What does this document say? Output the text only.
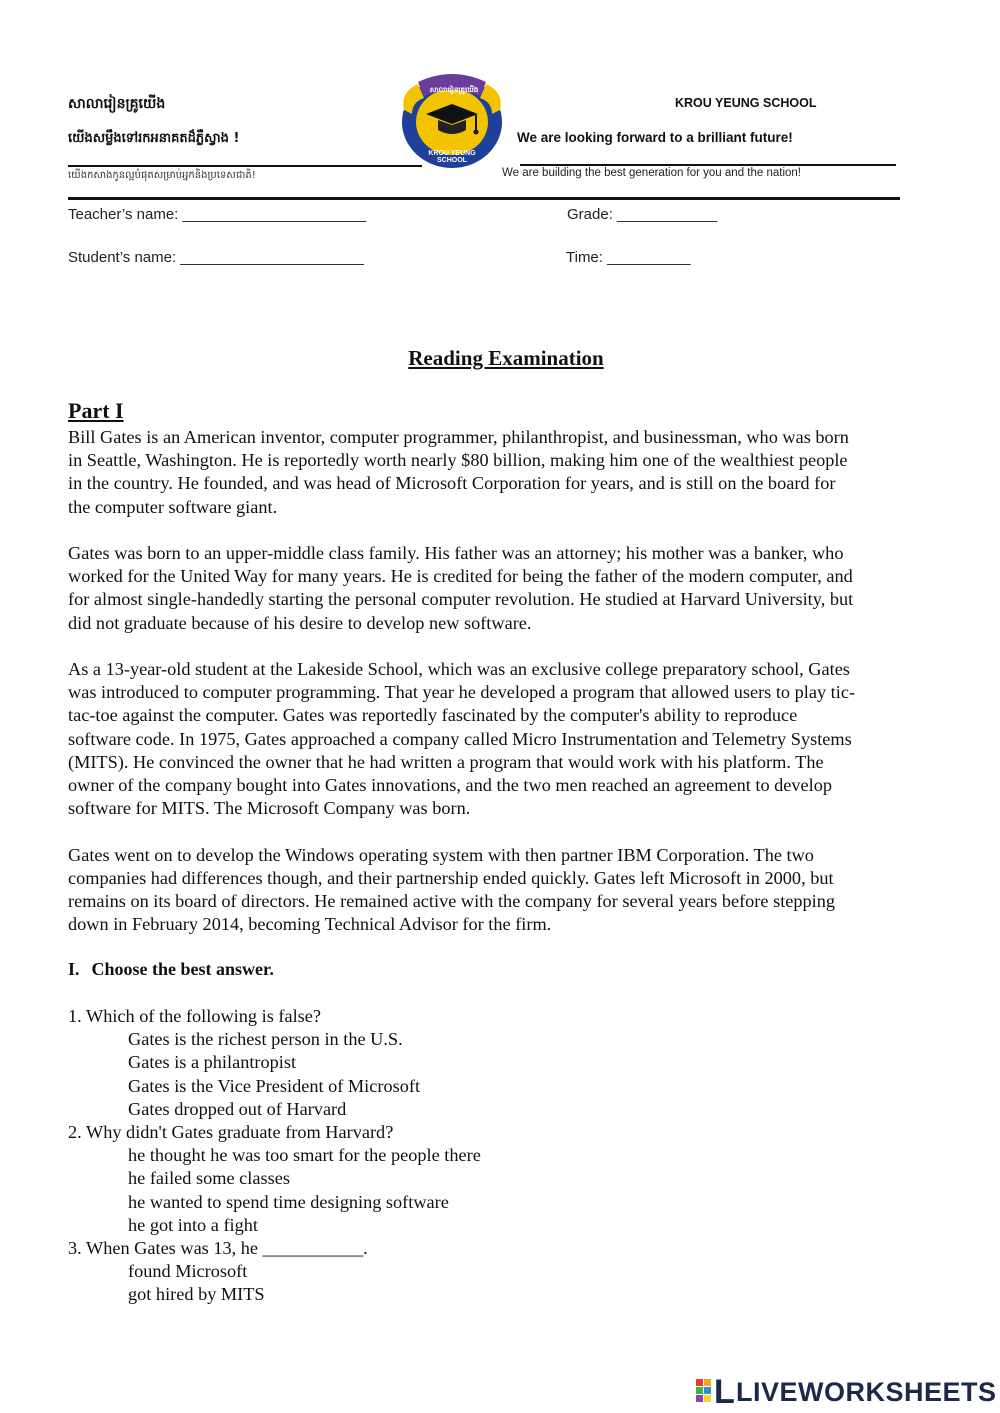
សាលារៀនគ្រូយើង
យើងសម្លឹងទៅរកអនាគតដ៏ភ្លឺស្វាង !
យើងកសាងកូនល្អបំផុតសម្រាប់អ្នកនិងប្រទេសជាតិ!
សាលារៀនគ្រូយើង
KROU YEUNG SCHOOL
KROU YEUNG SCHOOL
We are looking forward to a brilliant future!
We are building the best generation for you and the nation!
Teacher’s name: ______________________	Grade: ____________
Student’s name: ______________________	Time: __________
Reading Examination
Part I
Bill Gates is an American inventor, computer programmer, philanthropist, and businessman, who was born
in Seattle, Washington. He is reportedly worth nearly $80 billion, making him one of the wealthiest people
in the country. He founded, and was head of Microsoft Corporation for years, and is still on the board for
the computer software giant.
Gates was born to an upper-middle class family. His father was an attorney; his mother was a banker, who
worked for the United Way for many years. He is credited for being the father of the modern computer, and
for almost single-handedly starting the personal computer revolution. He studied at Harvard University, but
did not graduate because of his desire to develop new software.
As a 13-year-old student at the Lakeside School, which was an exclusive college preparatory school, Gates
was introduced to computer programming. That year he developed a program that allowed users to play tic-
tac-toe against the computer. Gates was reportedly fascinated by the computer's ability to reproduce
software code. In 1975, Gates approached a company called Micro Instrumentation and Telemetry Systems
(MITS). He convinced the owner that he had written a program that would work with his platform. The
owner of the company bought into Gates innovations, and the two men reached an agreement to develop
software for MITS. The Microsoft Company was born.
Gates went on to develop the Windows operating system with then partner IBM Corporation. The two
companies had differences though, and their partnership ended quickly. Gates left Microsoft in 2000, but
remains on its board of directors. He remained active with the company for several years before stepping
down in February 2014, becoming Technical Advisor for the firm.
I. Choose the best answer.
1. Which of the following is false?
Gates is the richest person in the U.S.
Gates is a philantropist
Gates is the Vice President of Microsoft
Gates dropped out of Harvard
2. Why didn't Gates graduate from Harvard?
he thought he was too smart for the people there
he failed some classes
he wanted to spend time designing software
he got into a fight
3. When Gates was 13, he ___________.
found Microsoft
got hired by MITS
L LIVEWORKSHEETS
